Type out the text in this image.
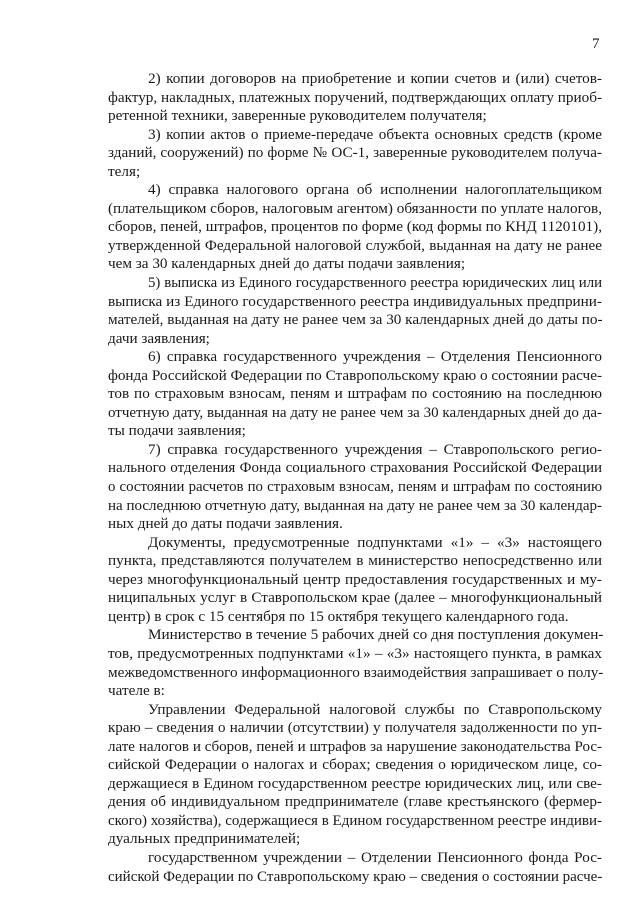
7
2) копии договоров на приобретение и копии счетов и (или) счетов-
фактур, накладных, платежных поручений, подтверждающих оплату приоб-
ретенной техники, заверенные руководителем получателя;
3) копии актов о приеме-передаче объекта основных средств (кроме
зданий, сооружений) по форме № ОС-1, заверенные руководителем получа-
теля;
4) справка налогового органа об исполнении налогоплательщиком
(плательщиком сборов, налоговым агентом) обязанности по уплате налогов,
сборов, пеней, штрафов, процентов по форме (код формы по КНД 1120101),
утвержденной Федеральной налоговой службой, выданная на дату не ранее
чем за 30 календарных дней до даты подачи заявления;
5) выписка из Единого государственного реестра юридических лиц или
выписка из Единого государственного реестра индивидуальных предприни-
мателей, выданная на дату не ранее чем за 30 календарных дней до даты по-
дачи заявления;
6) справка государственного учреждения – Отделения Пенсионного
фонда Российской Федерации по Ставропольскому краю о состоянии расче-
тов по страховым взносам, пеням и штрафам по состоянию на последнюю
отчетную дату, выданная на дату не ранее чем за 30 календарных дней до да-
ты подачи заявления;
7) справка государственного учреждения – Ставропольского регио-
нального отделения Фонда социального страхования Российской Федерации
о состоянии расчетов по страховым взносам, пеням и штрафам по состоянию
на последнюю отчетную дату, выданная на дату не ранее чем за 30 календар-
ных дней до даты подачи заявления.
Документы, предусмотренные подпунктами «1» – «3» настоящего
пункта, представляются получателем в министерство непосредственно или
через многофункциональный центр предоставления государственных и му-
ниципальных услуг в Ставропольском крае (далее – многофункциональный
центр) в срок с 15 сентября по 15 октября текущего календарного года.
Министерство в течение 5 рабочих дней со дня поступления докумен-
тов, предусмотренных подпунктами «1» – «3» настоящего пункта, в рамках
межведомственного информационного взаимодействия запрашивает о полу-
чателе в:
Управлении Федеральной налоговой службы по Ставропольскому
краю – сведения о наличии (отсутствии) у получателя задолженности по уп-
лате налогов и сборов, пеней и штрафов за нарушение законодательства Рос-
сийской Федерации о налогах и сборах; сведения о юридическом лице, со-
держащиеся в Едином государственном реестре юридических лиц, или све-
дения об индивидуальном предпринимателе (главе крестьянского (фермер-
ского) хозяйства), содержащиеся в Едином государственном реестре индиви-
дуальных предпринимателей;
государственном учреждении – Отделении Пенсионного фонда Рос-
сийской Федерации по Ставропольскому краю – сведения о состоянии расче-
